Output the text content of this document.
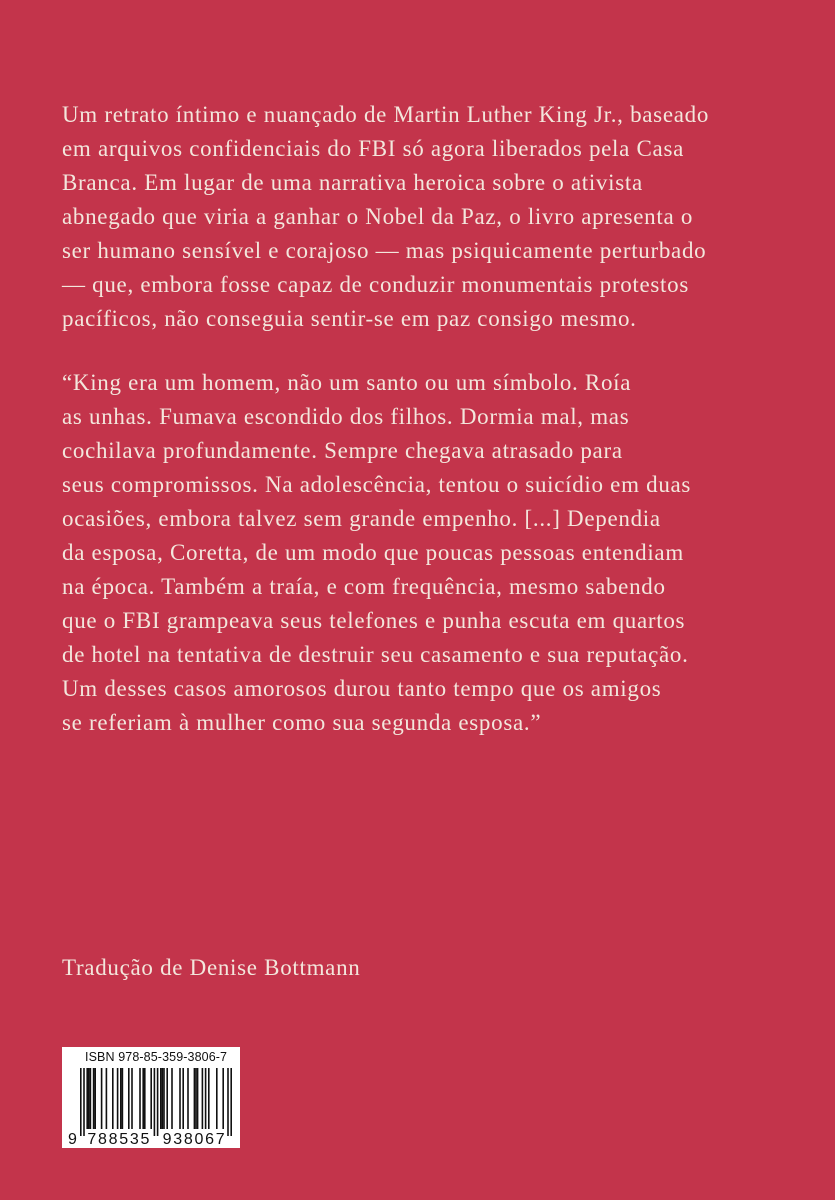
Um retrato íntimo e nuançado de Martin Luther King Jr., baseado
em arquivos confidenciais do FBI só agora liberados pela Casa
Branca. Em lugar de uma narrativa heroica sobre o ativista
abnegado que viria a ganhar o Nobel da Paz, o livro apresenta o
ser humano sensível e corajoso — mas psiquicamente perturbado
— que, embora fosse capaz de conduzir monumentais protestos
pacíficos, não conseguia sentir-se em paz consigo mesmo.
“King era um homem, não um santo ou um símbolo. Roía
as unhas. Fumava escondido dos filhos. Dormia mal, mas
cochilava profundamente. Sempre chegava atrasado para
seus compromissos. Na adolescência, tentou o suicídio em duas
ocasiões, embora talvez sem grande empenho. [...] Dependia
da esposa, Coretta, de um modo que poucas pessoas entendiam
na época. Também a traía, e com frequência, mesmo sabendo
que o FBI grampeava seus telefones e punha escuta em quartos
de hotel na tentativa de destruir seu casamento e sua reputação.
Um desses casos amorosos durou tanto tempo que os amigos
se referiam à mulher como sua segunda esposa.”
Tradução de Denise Bottmann
ISBN 978-85-359-3806-7
9 788535 938067
